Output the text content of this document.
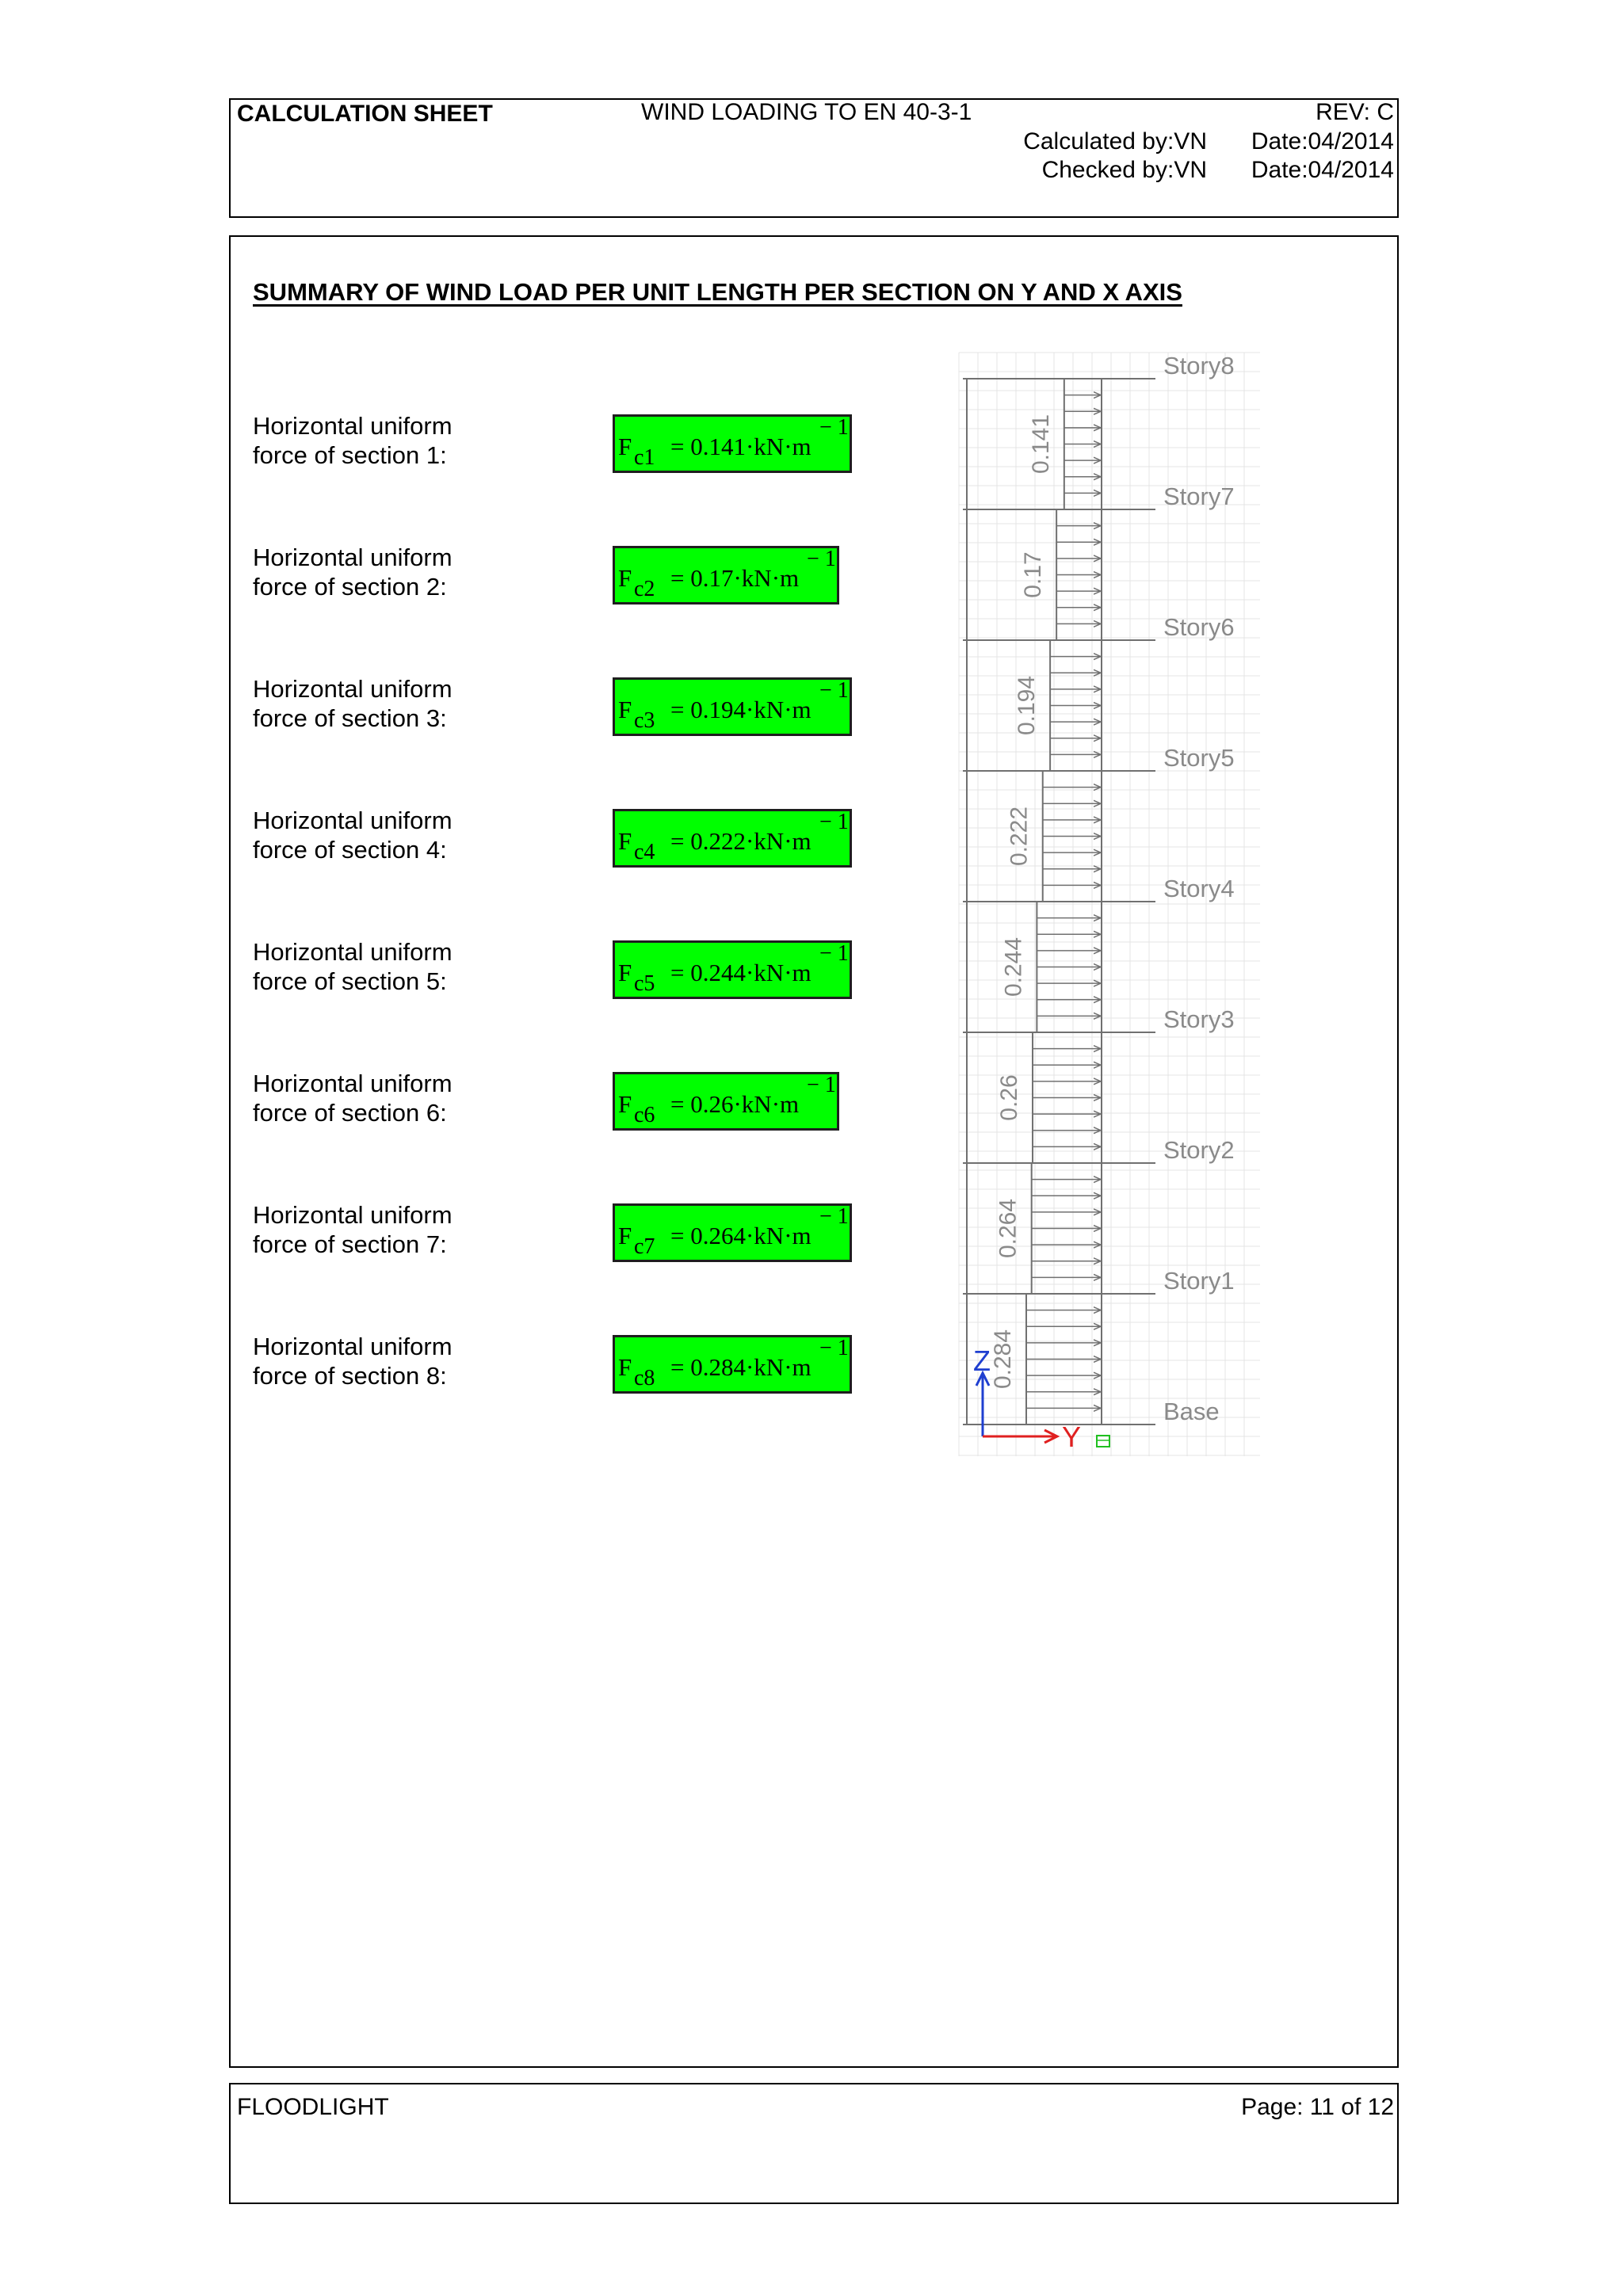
CALCULATION SHEET	WIND LOADING TO EN 40-3-1	REV: C
Calculated by:VN Date:04/2014
Checked by:VN Date:04/2014
SUMMARY OF WIND LOAD PER UNIT LENGTH PER SECTION ON Y AND X AXIS
Horizontal uniform
force of section 1:	F c1 = 0.141·kN·m
− 1
Horizontal uniform
force of section 2:	F c2 = 0.17·kN·m
− 1
Horizontal uniform
force of section 3:	F c3 = 0.194·kN·m
− 1
Horizontal uniform
force of section 4:	F c4 = 0.222·kN·m
− 1
Horizontal uniform
force of section 5:	F c5 = 0.244·kN·m
− 1
Horizontal uniform
force of section 6:	F c6 = 0.26·kN·m
− 1
Horizontal uniform
force of section 7:	F c7 = 0.264·kN·m
− 1
Horizontal uniform
force of section 8:	F c8 = 0.284·kN·m
− 1
Story8
Story7
Story6
Story5
Story4
Story3
Story2
Story1
Base
0.141
0.17
0.194
0.222
0.244
0.26
0.264
0.284
Z
Y
FLOODLIGHT	Page: 11 of 12
